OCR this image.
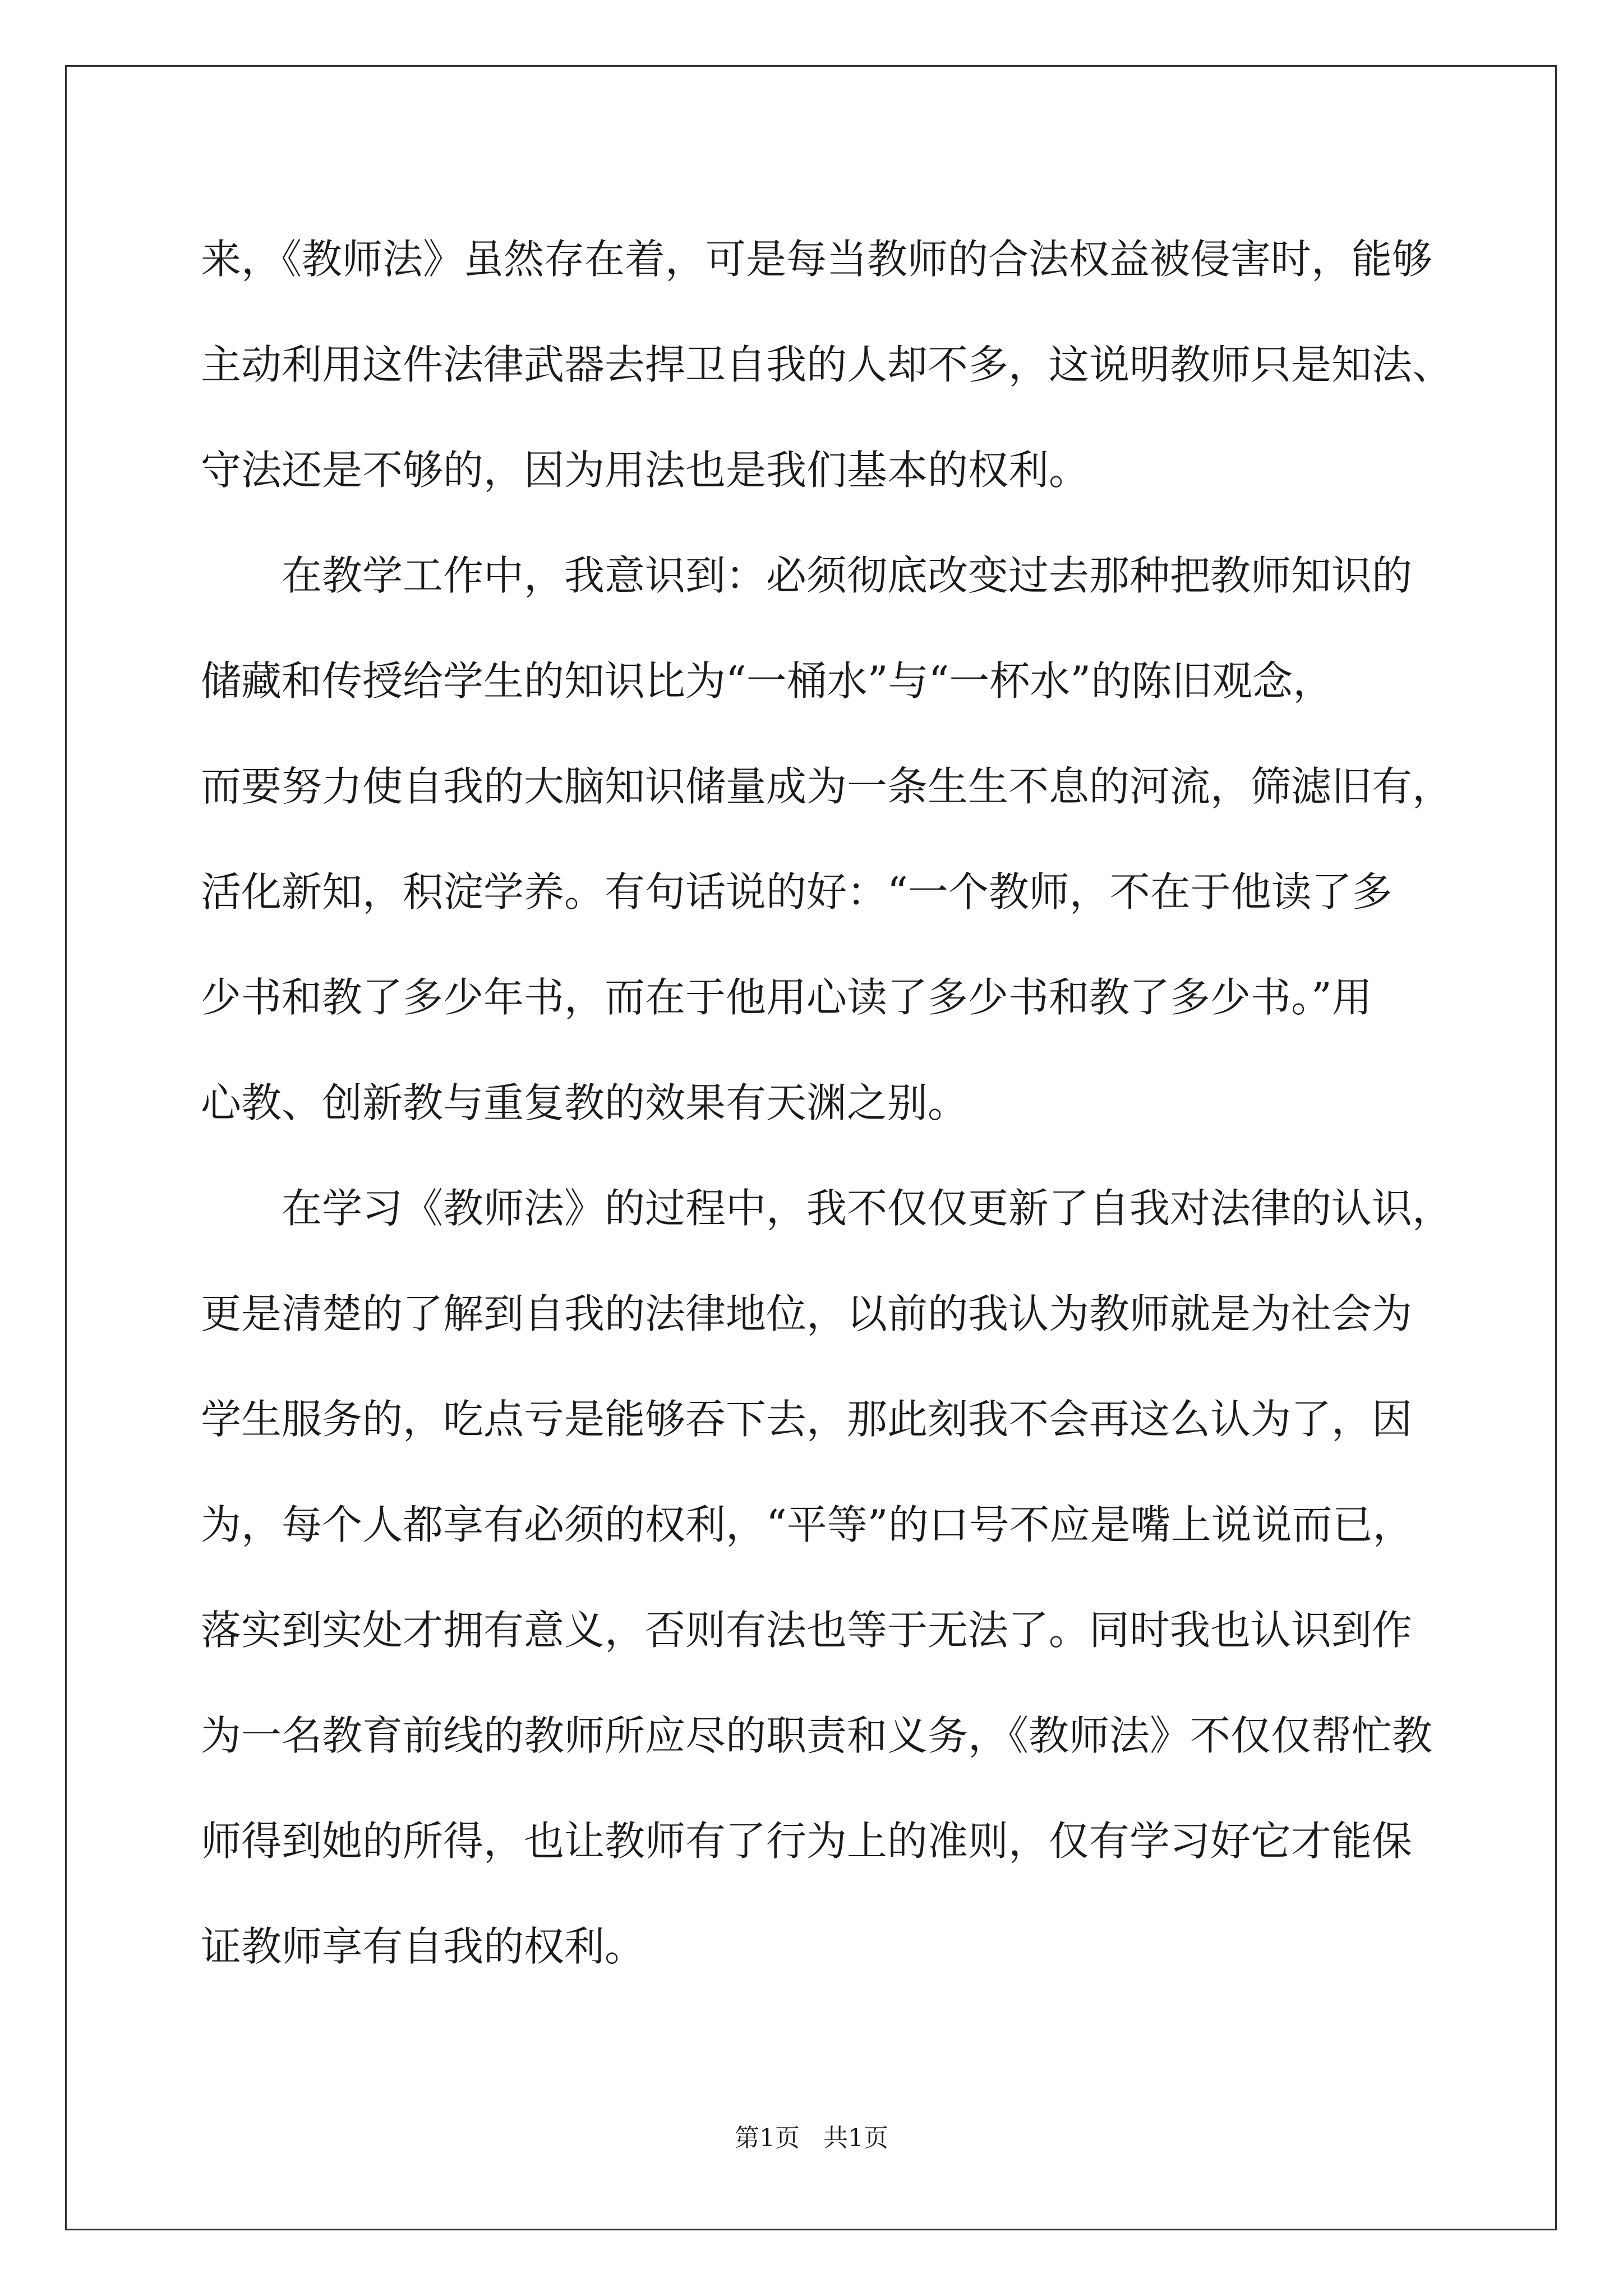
来，《教师法》虽然存在着，可是每当教师的合法权益被侵害时，能够
主动利用这件法律武器去捍卫自我的人却不多，这说明教师只是知法、
守法还是不够的，因为用法也是我们基本的权利。
在教学工作中，我意识到：必须彻底改变过去那种把教师知识的
储藏和传授给学生的知识比为“一桶水”与“一杯水”的陈旧观念，
而要努力使自我的大脑知识储量成为一条生生不息的河流，筛滤旧有，
活化新知，积淀学养。有句话说的好：“一个教师，不在于他读了多
少书和教了多少年书，而在于他用心读了多少书和教了多少书。”用
心教、创新教与重复教的效果有天渊之别。
在学习《教师法》的过程中，我不仅仅更新了自我对法律的认识，
更是清楚的了解到自我的法律地位，以前的我认为教师就是为社会为
学生服务的，吃点亏是能够吞下去，那此刻我不会再这么认为了，因
为，每个人都享有必须的权利，“平等”的口号不应是嘴上说说而已，
落实到实处才拥有意义，否则有法也等于无法了。同时我也认识到作
为一名教育前线的教师所应尽的职责和义务，《教师法》不仅仅帮忙教
师得到她的所得，也让教师有了行为上的准则，仅有学习好它才能保
证教师享有自我的权利。
第1页   共1页
